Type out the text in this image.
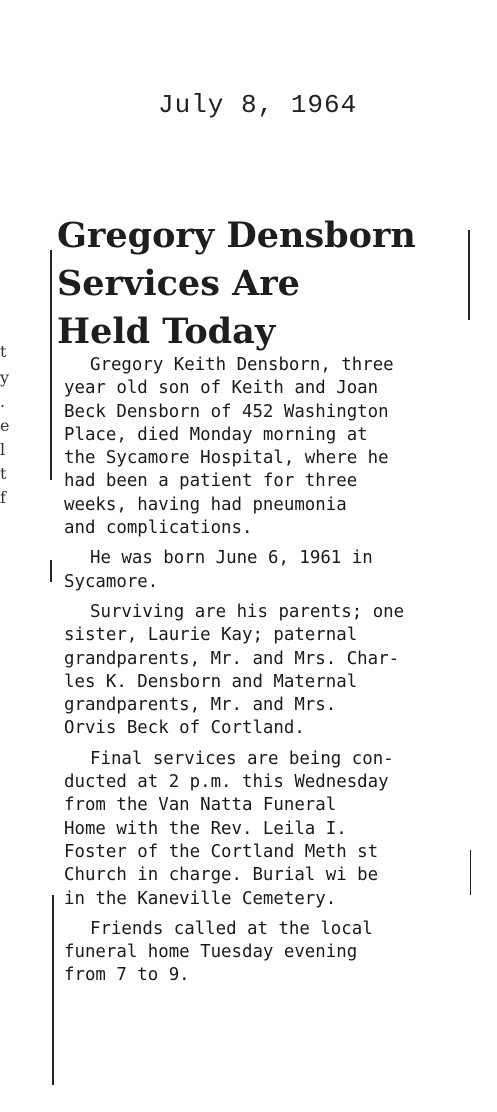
July 8, 1964
t
y
.
e
l
t
f
Gregory Densborn
Services Are
Held Today
Gregory Keith Densborn, three
year old son of Keith and Joan
Beck Densborn of 452 Washington
Place, died Monday morning at
the Sycamore Hospital, where he
had been a patient for three
weeks, having had pneumonia
and complications.
He was born June 6, 1961 in
Sycamore.
Surviving are his parents; one
sister, Laurie Kay; paternal
grandparents, Mr. and Mrs. Char-
les K. Densborn and Maternal
grandparents, Mr. and Mrs.
Orvis Beck of Cortland.
Final services are being con-
ducted at 2 p.m. this Wednesday
from the Van Natta Funeral
Home with the Rev. Leila I.
Foster of the Cortland Meth st
Church in charge. Burial wi be
in the Kaneville Cemetery.
Friends called at the local
funeral home Tuesday evening
from 7 to 9.
